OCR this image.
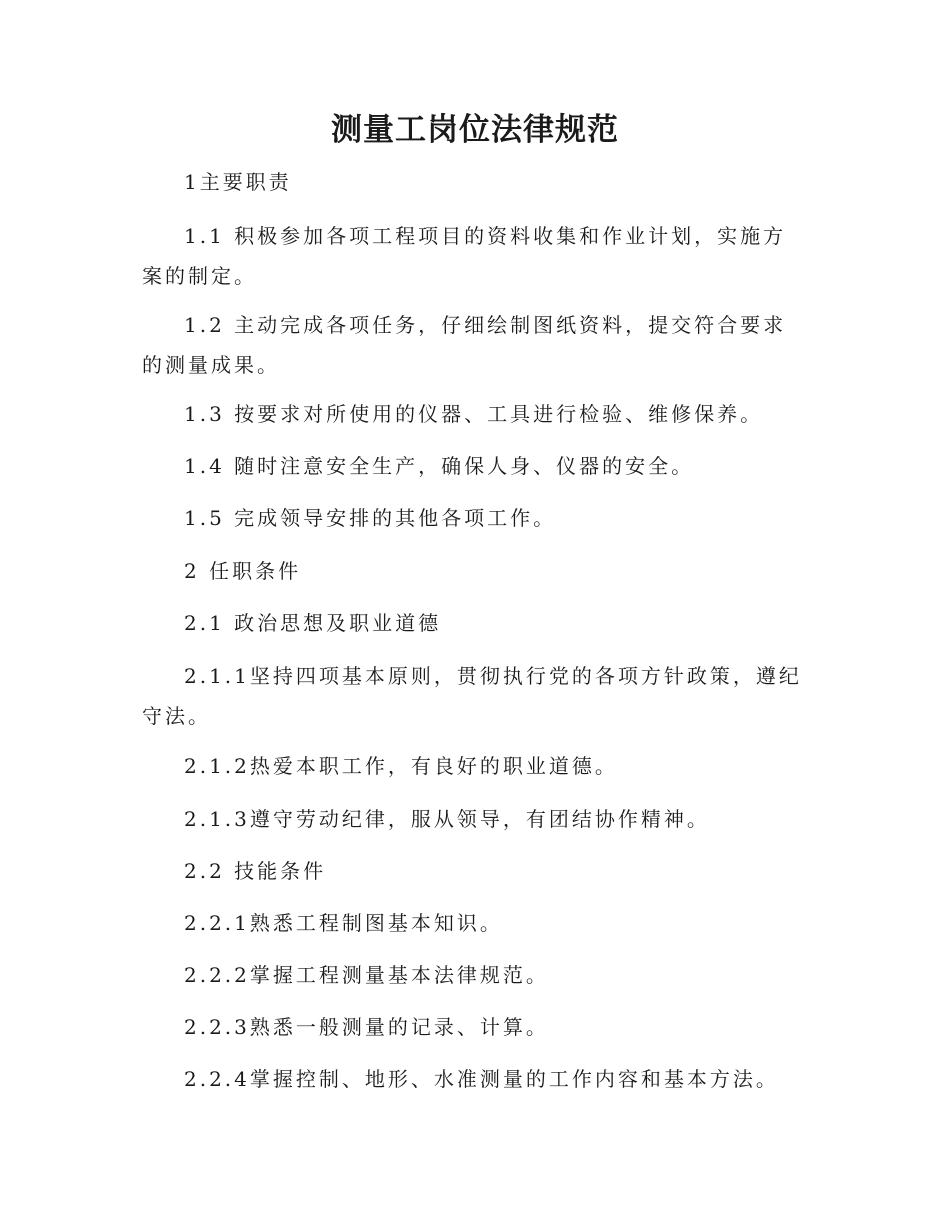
测量工岗位法律规范
1主要职责
1.1 积极参加各项工程项目的资料收集和作业计划，实施方案的制定。
1.2 主动完成各项任务，仔细绘制图纸资料，提交符合要求的测量成果。
1.3 按要求对所使用的仪器、工具进行检验、维修保养。
1.4 随时注意安全生产，确保人身、仪器的安全。
1.5 完成领导安排的其他各项工作。
2 任职条件
2.1 政治思想及职业道德
2.1.1坚持四项基本原则，贯彻执行党的各项方针政策，遵纪守法。
2.1.2热爱本职工作，有良好的职业道德。
2.1.3遵守劳动纪律，服从领导，有团结协作精神。
2.2 技能条件
2.2.1熟悉工程制图基本知识。
2.2.2掌握工程测量基本法律规范。
2.2.3熟悉一般测量的记录、计算。
2.2.4掌握控制、地形、水准测量的工作内容和基本方法。
